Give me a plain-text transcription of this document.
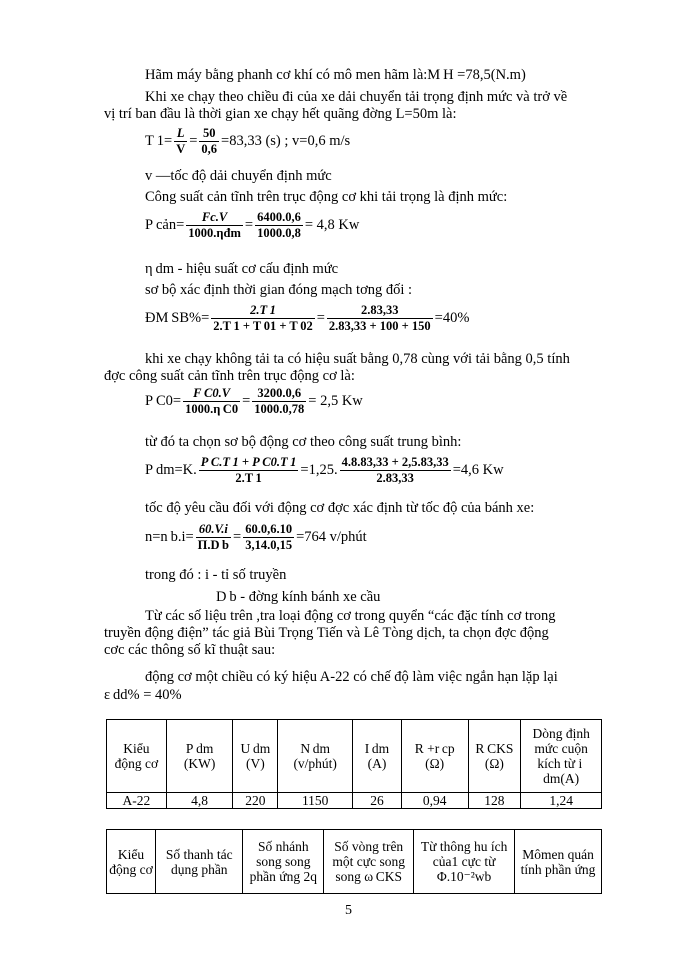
Hãm máy bằng phanh cơ khí có mô men hãm là:M H =78,5(N.m)
Khi xe chạy theo chiều đi của xe dải chuyển tải trọng định mức và trở về
vị trí ban đầu là thời gian xe chạy hết quãng đờng L=50m là:
T $1= \frac{L}{V} = \frac{50}{0,6} =83,33$ (s) ; v=0,6 m/s
v —tốc độ dải chuyển định mức
Công suất cản tĩnh trên trục động cơ khi tải trọng là định mức:
P cản= $\frac{Fc.V}{\text{1000.ηđm}} = \frac{6400.0,6}{1000.0,8} = 4,8$ Kw
η dm - hiệu suất cơ cấu định mức
sơ bộ xác định thời gian đóng mạch tơng đối :
ĐM $SB\%= \frac{2.T 1}{2.T 1 + T 01 + T 02} = \frac{2.83,33}{2.83,33 + 100 + 150} =40\%$
khi xe chạy không tải ta có hiệu suất bằng 0,78 cùng với tải bằng 0,5 tính
đợc công suất cản tĩnh trên trục động cơ là:
P $C0= \frac{\text{F C0.V}}{\text{1000.η C0}} = \frac{3200.0,6}{1000.0,78} = 2,5$ Kw
từ đó ta chọn sơ bộ động cơ theo công suất trung bình:
P dm=K. $\frac{\text{P C.T 1 + P C0.T 1}}{2.T 1} =1,25$. $\frac{4.8.83,33 + 2,5.83,33}{2.83,33} =4,6$ Kw
tốc độ yêu cầu đối với động cơ đợc xác định từ tốc độ của bánh xe:
n=n $b.i= \frac{60.V.i}{\text{Π.D b}} = \frac{60.0,6.10}{3,14.0,15} =764$ v/phút
trong đó : i - tỉ số truyền
D b - đờng kính bánh xe cầu
Từ các số liệu trên ,tra loại động cơ trong quyển “các đặc tính cơ trong
truyền động điện” tác giả Bùi Trọng Tiến và Lê Tòng dịch, ta chọn đợc động
cơc các thông số kĩ thuật sau:
động cơ một chiều có ký hiệu A-22 có chế độ làm việc ngắn hạn lặp lại
ε dd% = 40%
Kiểu động cơ	P dm (KW)	U dm (V)	N dm (v/phút)	I dm (A)	R +r cp (Ω)	R CKS (Ω)	Dòng định mức cuộn kích từ i dm(A)
A-22	4,8	220	1150	26	0,94	128	1,24
Kiểu động cơ	Số thanh tác dụng phần	Số nhánh song song phần ứng 2q	Số vòng trên một cực song song ω CKS	Từ thông hu ích của1 cực từ Φ.10⁻²wb	Mômen quán tính phần ứng
5
